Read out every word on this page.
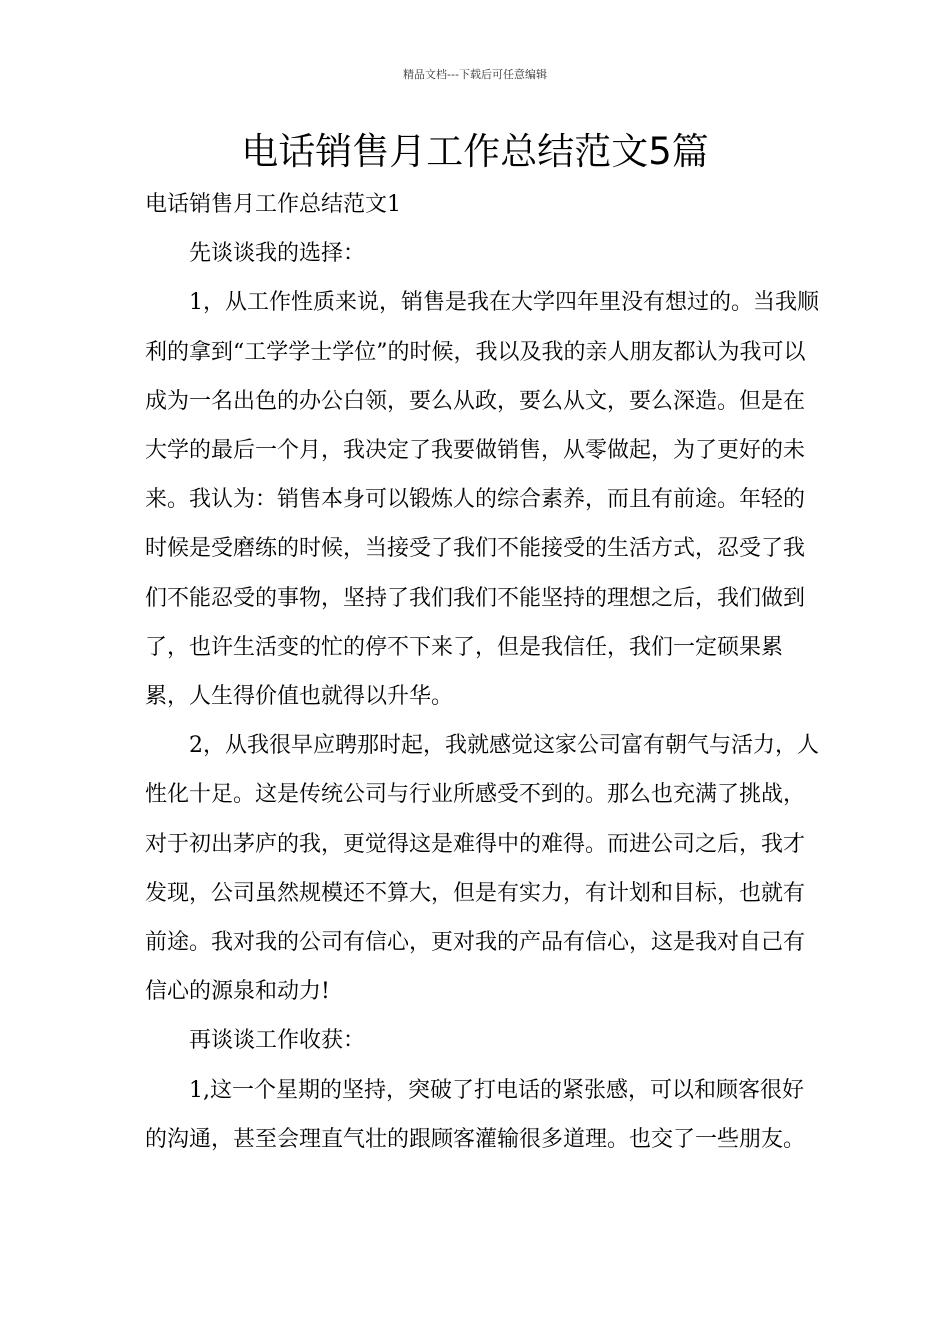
精品文档---下载后可任意编辑
电话销售月工作总结范文5篇

电话销售月工作总结范文1

先谈谈我的选择：

1，从工作性质来说，销售是我在大学四年里没有想过的。当我顺利的拿到“工学学士学位”的时候，我以及我的亲人朋友都认为我可以成为一名出色的办公白领，要么从政，要么从文，要么深造。但是在大学的最后一个月，我决定了我要做销售，从零做起，为了更好的未来。我认为：销售本身可以锻炼人的综合素养，而且有前途。年轻的时候是受磨练的时候，当接受了我们不能接受的生活方式，忍受了我们不能忍受的事物，坚持了我们我们不能坚持的理想之后，我们做到了，也许生活变的忙的停不下来了，但是我信任，我们一定硕果累累，人生得价值也就得以升华。

2，从我很早应聘那时起，我就感觉这家公司富有朝气与活力，人性化十足。这是传统公司与行业所感受不到的。那么也充满了挑战，对于初出茅庐的我，更觉得这是难得中的难得。而进公司之后，我才发现，公司虽然规模还不算大，但是有实力，有计划和目标，也就有前途。我对我的公司有信心，更对我的产品有信心，这是我对自己有信心的源泉和动力!

再谈谈工作收获：

1,这一个星期的坚持，突破了打电话的紧张感，可以和顾客很好的沟通，甚至会理直气壮的跟顾客灌输很多道理。也交了一些朋友。
